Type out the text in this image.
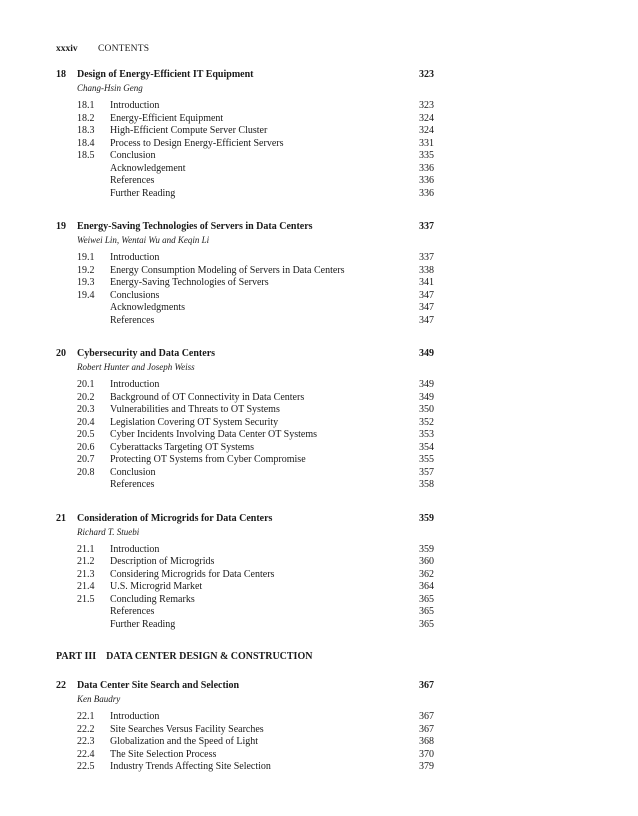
xxxiv CONTENTS
18	Design of Energy-Efficient IT Equipment	323
Chang-Hsin Geng
18.1 Introduction	323
18.2 Energy-Efficient Equipment	324
18.3 High-Efficient Compute Server Cluster	324
18.4 Process to Design Energy-Efficient Servers	331
18.5 Conclusion	335
Acknowledgement	336
References	336
Further Reading	336
19	Energy-Saving Technologies of Servers in Data Centers	337
Weiwei Lin, Wentai Wu and Keqin Li
19.1 Introduction	337
19.2 Energy Consumption Modeling of Servers in Data Centers	338
19.3 Energy-Saving Technologies of Servers	341
19.4 Conclusions	347
Acknowledgments	347
References	347
20	Cybersecurity and Data Centers	349
Robert Hunter and Joseph Weiss
20.1 Introduction	349
20.2 Background of OT Connectivity in Data Centers	349
20.3 Vulnerabilities and Threats to OT Systems	350
20.4 Legislation Covering OT System Security	352
20.5 Cyber Incidents Involving Data Center OT Systems	353
20.6 Cyberattacks Targeting OT Systems	354
20.7 Protecting OT Systems from Cyber Compromise	355
20.8 Conclusion	357
References	358
21	Consideration of Microgrids for Data Centers	359
Richard T. Stuebi
21.1 Introduction	359
21.2 Description of Microgrids	360
21.3 Considering Microgrids for Data Centers	362
21.4 U.S. Microgrid Market	364
21.5 Concluding Remarks	365
References	365
Further Reading	365
PART III DATA CENTER DESIGN & CONSTRUCTION
22	Data Center Site Search and Selection	367
Ken Baudry
22.1 Introduction	367
22.2 Site Searches Versus Facility Searches	367
22.3 Globalization and the Speed of Light	368
22.4 The Site Selection Process	370
22.5 Industry Trends Affecting Site Selection	379
